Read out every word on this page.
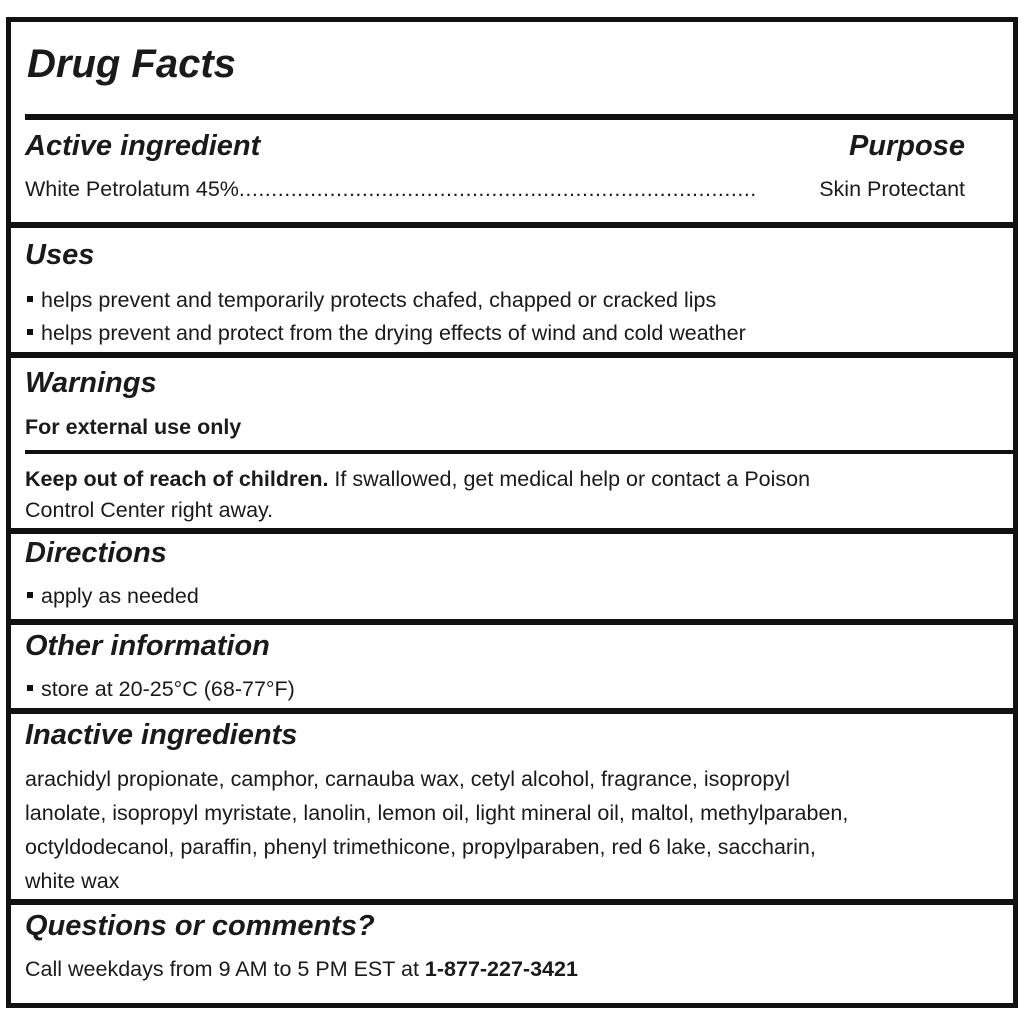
Drug Facts
Active ingredient	Purpose
White Petrolatum 45%................................................................................	Skin Protectant
Uses
helps prevent and temporarily protects chafed, chapped or cracked lips
helps prevent and protect from the drying effects of wind and cold weather
Warnings
For external use only
Keep out of reach of children. If swallowed, get medical help or contact a Poison
Control Center right away.
Directions
apply as needed
Other information
store at 20-25°C (68-77°F)
Inactive ingredients
arachidyl propionate, camphor, carnauba wax, cetyl alcohol, fragrance, isopropyl
lanolate, isopropyl myristate, lanolin, lemon oil, light mineral oil, maltol, methylparaben,
octyldodecanol, paraffin, phenyl trimethicone, propylparaben, red 6 lake, saccharin,
white wax
Questions or comments?
Call weekdays from 9 AM to 5 PM EST at 1-877-227-3421
